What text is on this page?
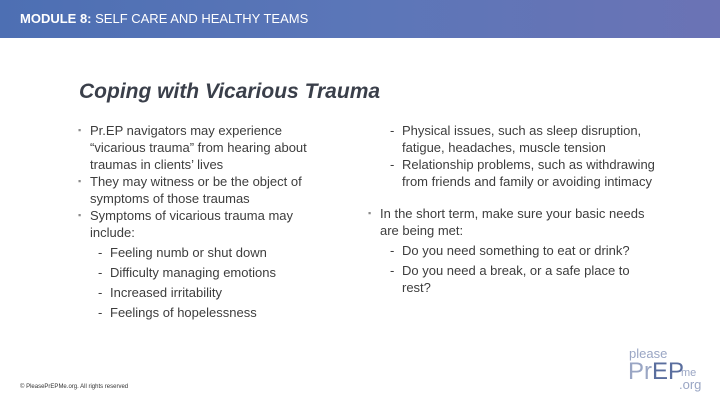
MODULE 8: SELF CARE AND HEALTHY TEAMS
Coping with Vicarious Trauma
▪ Pr.EP navigators may experience “vicarious trauma” from hearing about traumas in clients’ lives
▪ They may witness or be the object of symptoms of those traumas
▪ Symptoms of vicarious trauma may include:
- Feeling numb or shut down
- Difficulty managing emotions
- Increased irritability
- Feelings of hopelessness
- Physical issues, such as sleep disruption, fatigue, headaches, muscle tension
- Relationship problems, such as withdrawing from friends and family or avoiding intimacy
▪ In the short term, make sure your basic needs are being met:
- Do you need something to eat or drink?
- Do you need a break, or a safe place to rest?
© PleasePrEPMe.org. All rights reserved
please
PrEP
me
.org
